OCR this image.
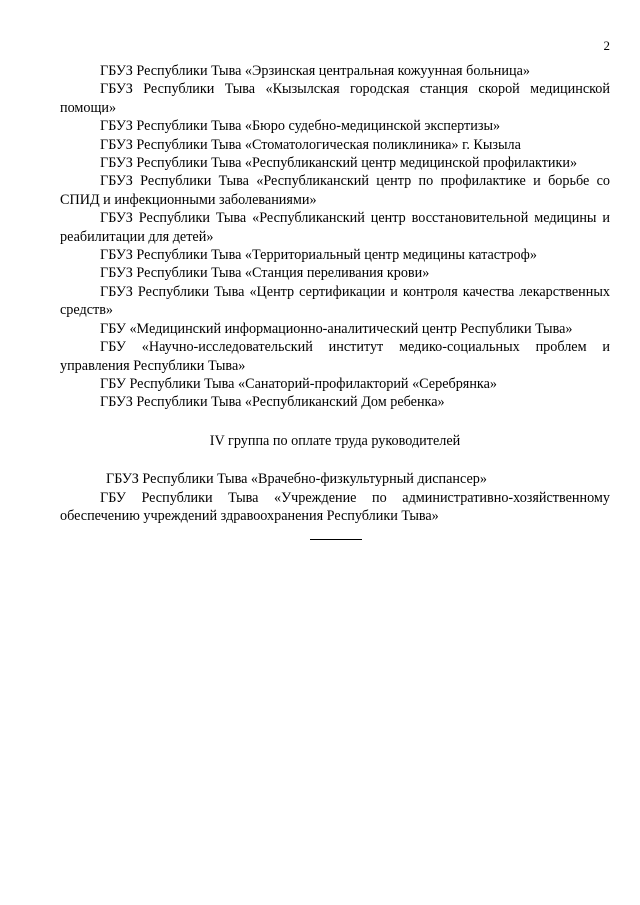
2

ГБУЗ Республики Тыва «Эрзинская центральная кожуунная больница»

ГБУЗ Республики Тыва «Кызылская городская станция скорой медицинской помощи»

ГБУЗ Республики Тыва «Бюро судебно-медицинской экспертизы»

ГБУЗ Республики Тыва «Стоматологическая поликлиника» г. Кызыла

ГБУЗ Республики Тыва «Республиканский центр медицинской профилактики»

ГБУЗ Республики Тыва «Республиканский центр по профилактике и борьбе со СПИД и инфекционными заболеваниями»

ГБУЗ Республики Тыва «Республиканский центр восстановительной медицины и реабилитации для детей»

ГБУЗ Республики Тыва «Территориальный центр медицины катастроф»

ГБУЗ Республики Тыва «Станция переливания крови»

ГБУЗ Республики Тыва «Центр сертификации и контроля качества лекарственных средств»

ГБУ «Медицинский информационно-аналитический центр Республики Тыва»

ГБУ «Научно-исследовательский институт медико-социальных проблем и управления Республики Тыва»

ГБУ Республики Тыва «Санаторий-профилакторий «Серебрянка»

ГБУЗ Республики Тыва «Республиканский Дом ребенка»

IV группа по оплате труда руководителей

ГБУЗ Республики Тыва «Врачебно-физкультурный диспансер»

ГБУ Республики Тыва «Учреждение по административно-хозяйственному обеспечению учреждений здравоохранения Республики Тыва»
